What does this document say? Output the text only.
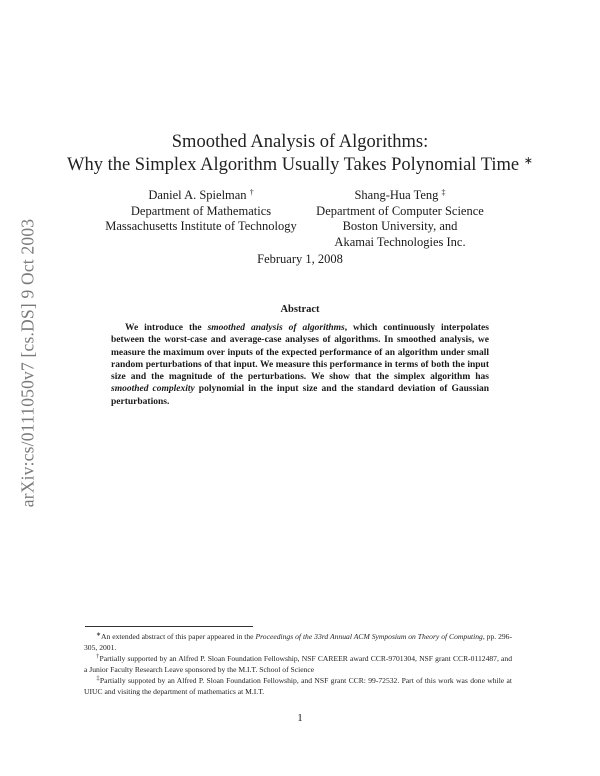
arXiv:cs/0111050v7 [cs.DS] 9 Oct 2003
Smoothed Analysis of Algorithms:
Why the Simplex Algorithm Usually Takes Polynomial Time ∗
Daniel A. Spielman †
Department of Mathematics
Massachusetts Institute of Technology
Shang-Hua Teng ‡
Department of Computer Science
Boston University, and
Akamai Technologies Inc.
February 1, 2008
Abstract
We introduce the smoothed analysis of algorithms, which continuously interpolates between the worst-case and average-case analyses of algorithms. In smoothed analysis, we measure the maximum over inputs of the expected performance of an algorithm under small random perturbations of that input. We measure this performance in terms of both the input size and the magnitude of the perturbations. We show that the simplex algorithm has smoothed complexity polynomial in the input size and the standard deviation of Gaussian perturbations.
∗An extended abstract of this paper appeared in the Proceedings of the 33rd Annual ACM Symposium on Theory of Computing, pp. 296-305, 2001.
†Partially supported by an Alfred P. Sloan Foundation Fellowship, NSF CAREER award CCR-9701304, NSF grant CCR-0112487, and a Junior Faculty Research Leave sponsored by the M.I.T. School of Science
‡Partially suppoted by an Alfred P. Sloan Foundation Fellowship, and NSF grant CCR: 99-72532. Part of this work was done while at UIUC and visiting the department of mathematics at M.I.T.
1
